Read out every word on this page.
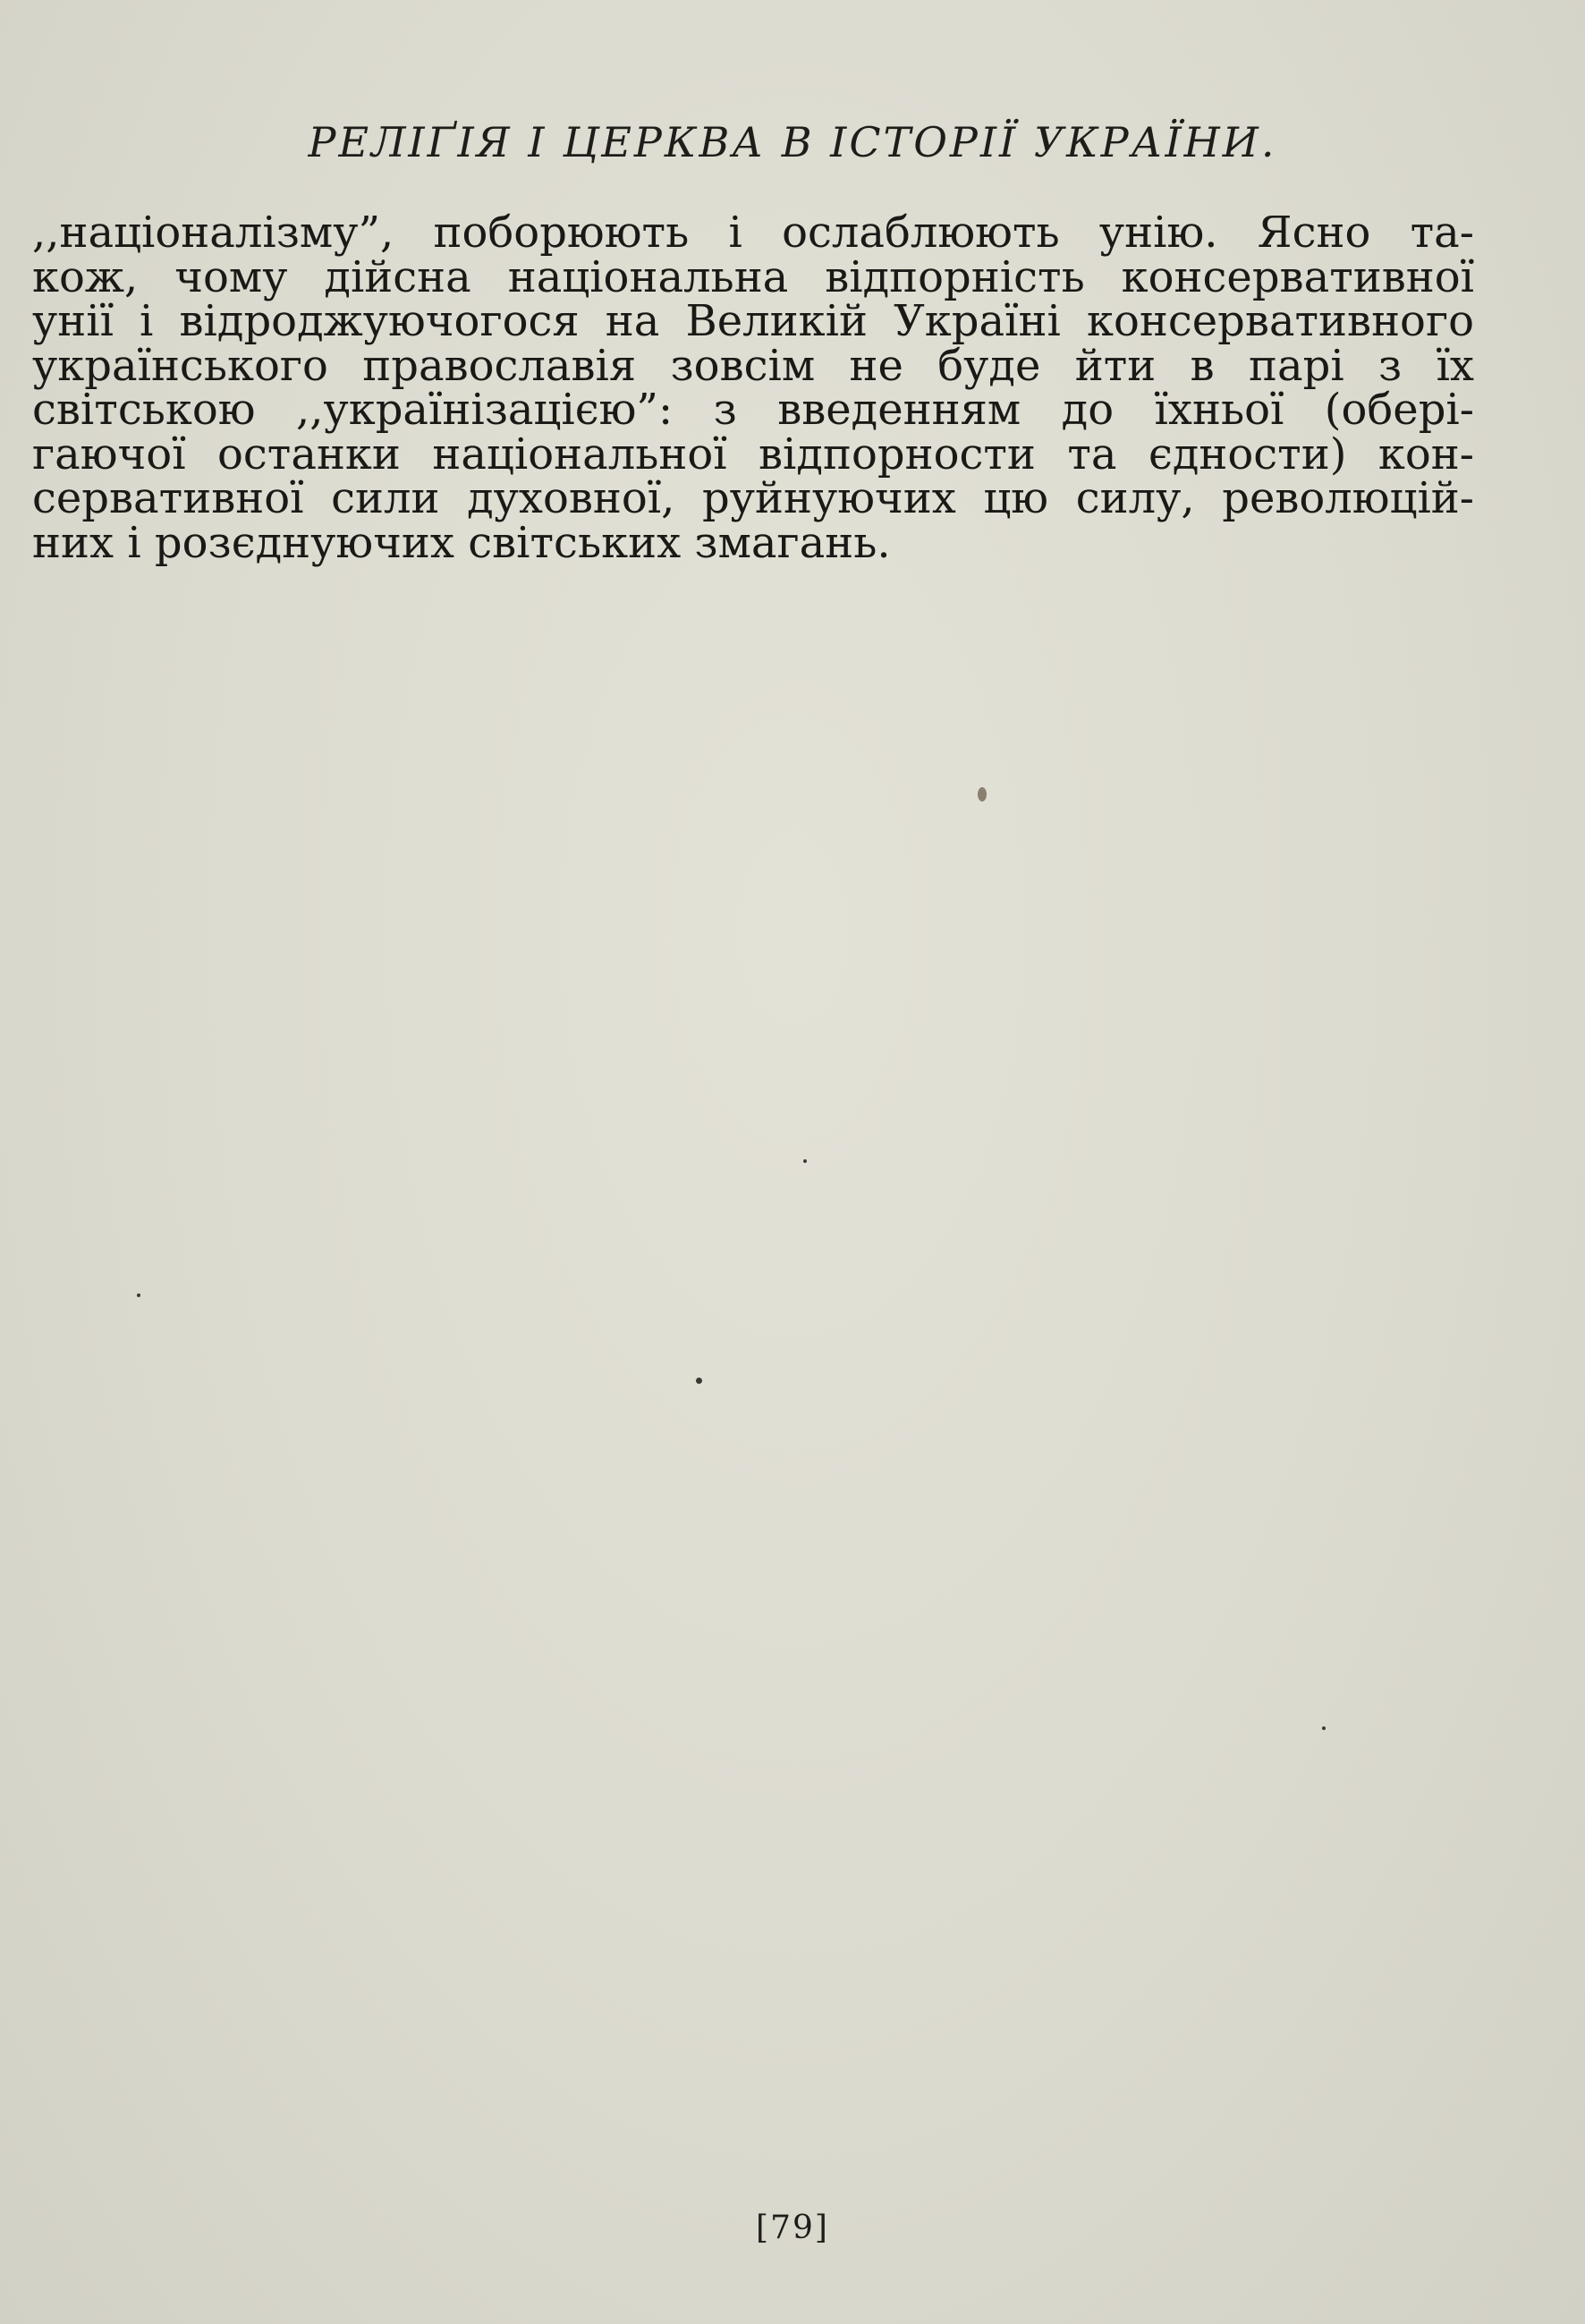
РЕЛІҐІЯ І ЦЕРКВА В ІСТОРІЇ УКРАЇНИ.
,,націоналізму”, поборюють і ослаблюють унію. Ясно та-
кож, чому дійсна національна відпорність консервативної
унії і відроджуючогося на Великій Україні консервативного
українського православія зовсім не буде йти в парі з їх
світською ,,українізацією”: з введенням до їхньої (обері-
гаючої останки національної відпорности та єдности) кон-
сервативної сили духовної, руйнуючих цю силу, революцій-
них і розєднуючих світських змагань.
[79]
